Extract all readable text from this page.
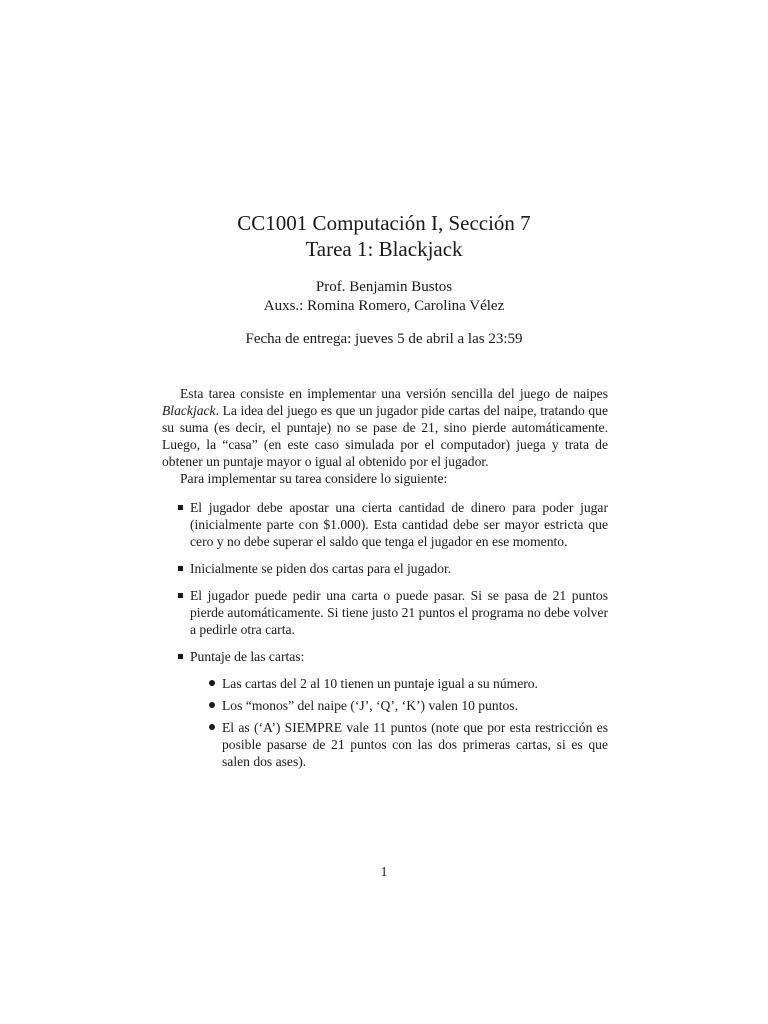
CC1001 Computación I, Sección 7

Tarea 1: Blackjack

Prof. Benjamin Bustos
Auxs.: Romina Romero, Carolina Vélez
Fecha de entrega: jueves 5 de abril a las 23:59

Esta tarea consiste en implementar una versión sencilla del juego de naipes Blackjack. La idea del juego es que un jugador pide cartas del naipe, tratando que su suma (es decir, el puntaje) no se pase de 21, sino pierde automáticamente. Luego, la “casa” (en este caso simulada por el computador) juega y trata de obtener un puntaje mayor o igual al obtenido por el jugador.

Para implementar su tarea considere lo siguiente:

El jugador debe apostar una cierta cantidad de dinero para poder jugar (inicialmente parte con $1.000). Esta cantidad debe ser mayor estricta que cero y no debe superar el saldo que tenga el jugador en ese momento.
Inicialmente se piden dos cartas para el jugador.
El jugador puede pedir una carta o puede pasar. Si se pasa de 21 puntos pierde automáticamente. Si tiene justo 21 puntos el programa no debe volver a pedirle otra carta.
Puntaje de las cartas:
Las cartas del 2 al 10 tienen un puntaje igual a su número.
Los “monos” del naipe (‘J’, ‘Q’, ‘K’) valen 10 puntos.
El as (‘A’) SIEMPRE vale 11 puntos (note que por esta restricción es posible pasarse de 21 puntos con las dos primeras cartas, si es que salen dos ases).
1
